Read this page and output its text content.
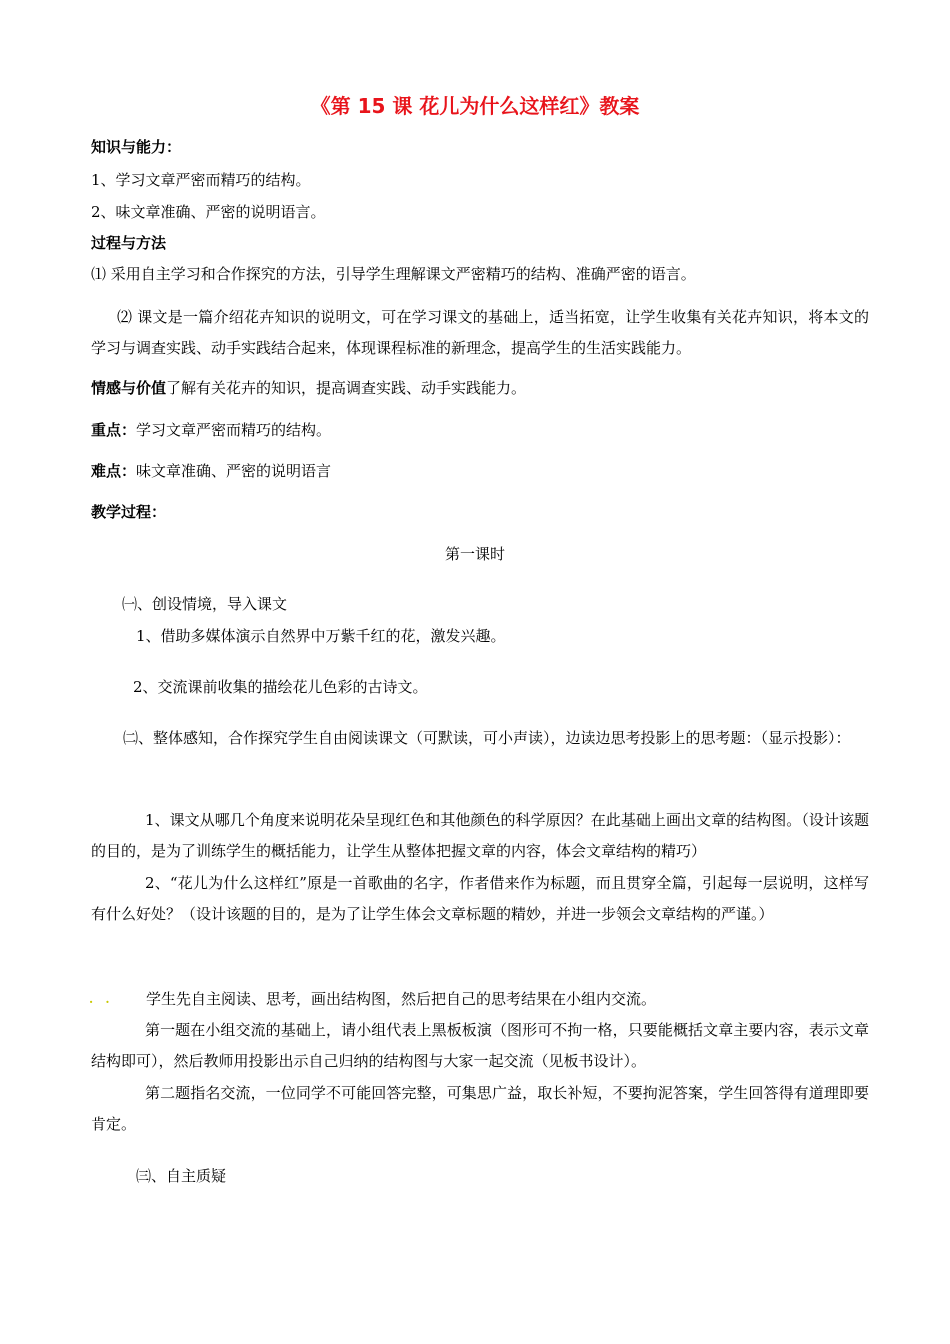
《第 15 课 花儿为什么这样红》教案
知识与能力：
1、学习文章严密而精巧的结构。
2、味文章准确、严密的说明语言。
过程与方法
⑴ 采用自主学习和合作探究的方法，引导学生理解课文严密精巧的结构、准确严密的语言。
⑵ 课文是一篇介绍花卉知识的说明文，可在学习课文的基础上，适当拓宽，让学生收集有关花卉知识，将本文的学习与调查实践、动手实践结合起来，体现课程标准的新理念，提高学生的生活实践能力。
情感与价值了解有关花卉的知识，提高调查实践、动手实践能力。
重点：学习文章严密而精巧的结构。
难点：味文章准确、严密的说明语言
教学过程：
第一课时
㈠、创设情境，导入课文
1、借助多媒体演示自然界中万紫千红的花，激发兴趣。
2、交流课前收集的描绘花儿色彩的古诗文。
㈡、整体感知，合作探究学生自由阅读课文（可默读，可小声读），边读边思考投影上的思考题：（显示投影）：
1、课文从哪几个角度来说明花朵呈现红色和其他颜色的科学原因？在此基础上画出文章的结构图。（设计该题的目的，是为了训练学生的概括能力，让学生从整体把握文章的内容，体会文章结构的精巧）
2、“花儿为什么这样红”原是一首歌曲的名字，作者借来作为标题，而且贯穿全篇，引起每一层说明，这样写有什么好处？（设计该题的目的，是为了让学生体会文章标题的精妙，并进一步领会文章结构的严谨。）
. . 学生先自主阅读、思考，画出结构图，然后把自己的思考结果在小组内交流。
第一题在小组交流的基础上，请小组代表上黑板板演（图形可不拘一格，只要能概括文章主要内容，表示文章结构即可），然后教师用投影出示自己归纳的结构图与大家一起交流（见板书设计）。
第二题指名交流，一位同学不可能回答完整，可集思广益，取长补短，不要拘泥答案，学生回答得有道理即要肯定。
㈢、自主质疑
